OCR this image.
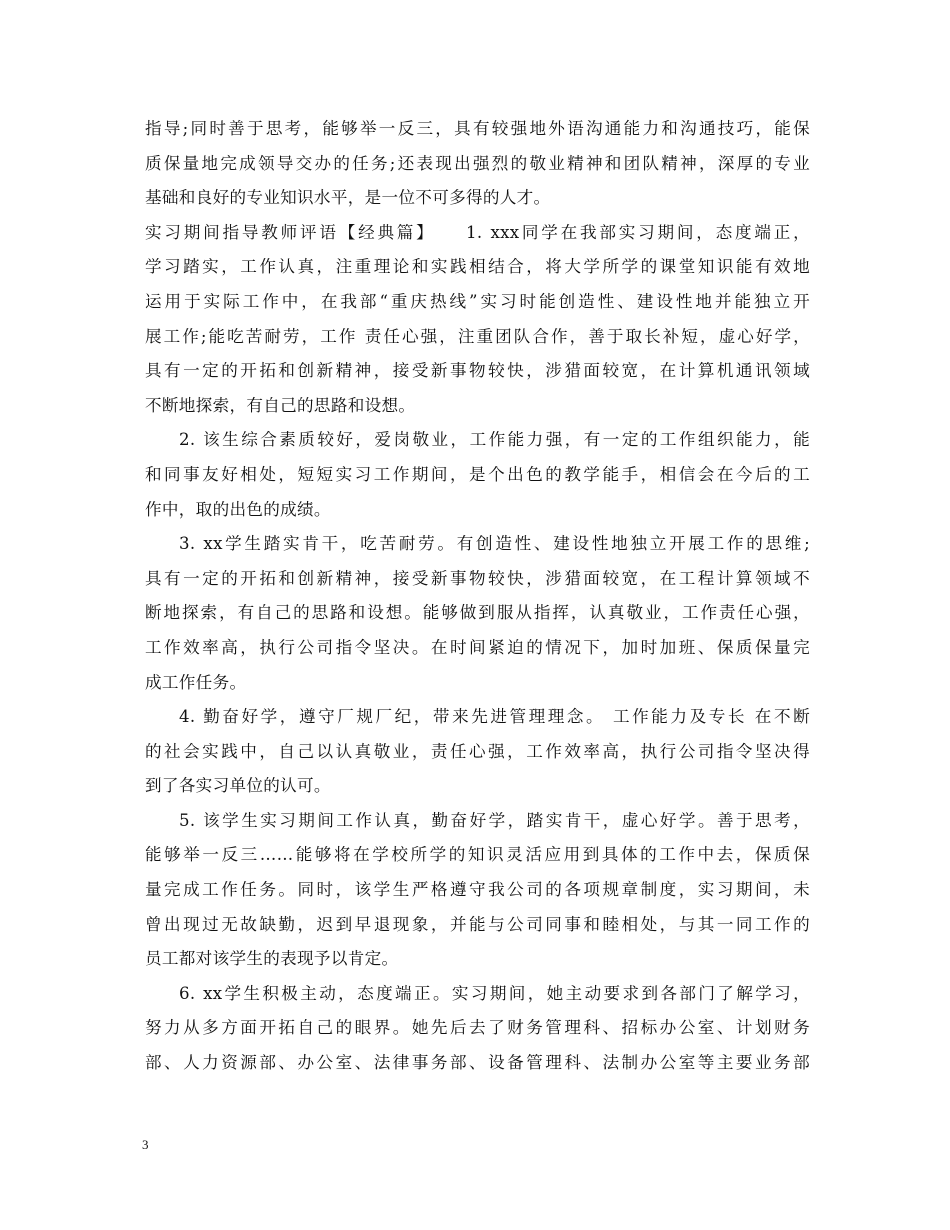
指导;同时善于思考，能够举一反三，具有较强地外语沟通能力和沟通技巧，能保
质保量地完成领导交办的任务;还表现出强烈的敬业精神和团队精神，深厚的专业
基础和良好的专业知识水平，是一位不可多得的人才。

实习期间指导教师评语【经典篇】　　1. xxx同学在我部实习期间，态度端正，
学习踏实，工作认真，注重理论和实践相结合，将大学所学的课堂知识能有效地
运用于实际工作中，在我部“重庆热线”实习时能创造性、建设性地并能独立开
展工作;能吃苦耐劳，工作 责任心强，注重团队合作，善于取长补短，虚心好学，
具有一定的开拓和创新精神，接受新事物较快，涉猎面较宽，在计算机通讯领域
不断地探索，有自己的思路和设想。

2. 该生综合素质较好，爱岗敬业，工作能力强，有一定的工作组织能力，能
和同事友好相处，短短实习工作期间，是个出色的教学能手，相信会在今后的工
作中，取的出色的成绩。

3. xx学生踏实肯干，吃苦耐劳。有创造性、建设性地独立开展工作的思维;
具有一定的开拓和创新精神，接受新事物较快，涉猎面较宽，在工程计算领域不
断地探索，有自己的思路和设想。能够做到服从指挥，认真敬业，工作责任心强，
工作效率高，执行公司指令坚决。在时间紧迫的情况下，加时加班、保质保量完
成工作任务。

4. 勤奋好学，遵守厂规厂纪，带来先进管理理念。 工作能力及专长 在不断
的社会实践中，自己以认真敬业，责任心强，工作效率高，执行公司指令坚决得
到了各实习单位的认可。

5. 该学生实习期间工作认真，勤奋好学，踏实肯干，虚心好学。善于思考，
能够举一反三……能够将在学校所学的知识灵活应用到具体的工作中去，保质保
量完成工作任务。同时，该学生严格遵守我公司的各项规章制度，实习期间，未
曾出现过无故缺勤，迟到早退现象，并能与公司同事和睦相处，与其一同工作的
员工都对该学生的表现予以肯定。

6. xx学生积极主动，态度端正。实习期间，她主动要求到各部门了解学习，
努力从多方面开拓自己的眼界。她先后去了财务管理科、招标办公室、计划财务
部、人力资源部、办公室、法律事务部、设备管理科、法制办公室等主要业务部

3
